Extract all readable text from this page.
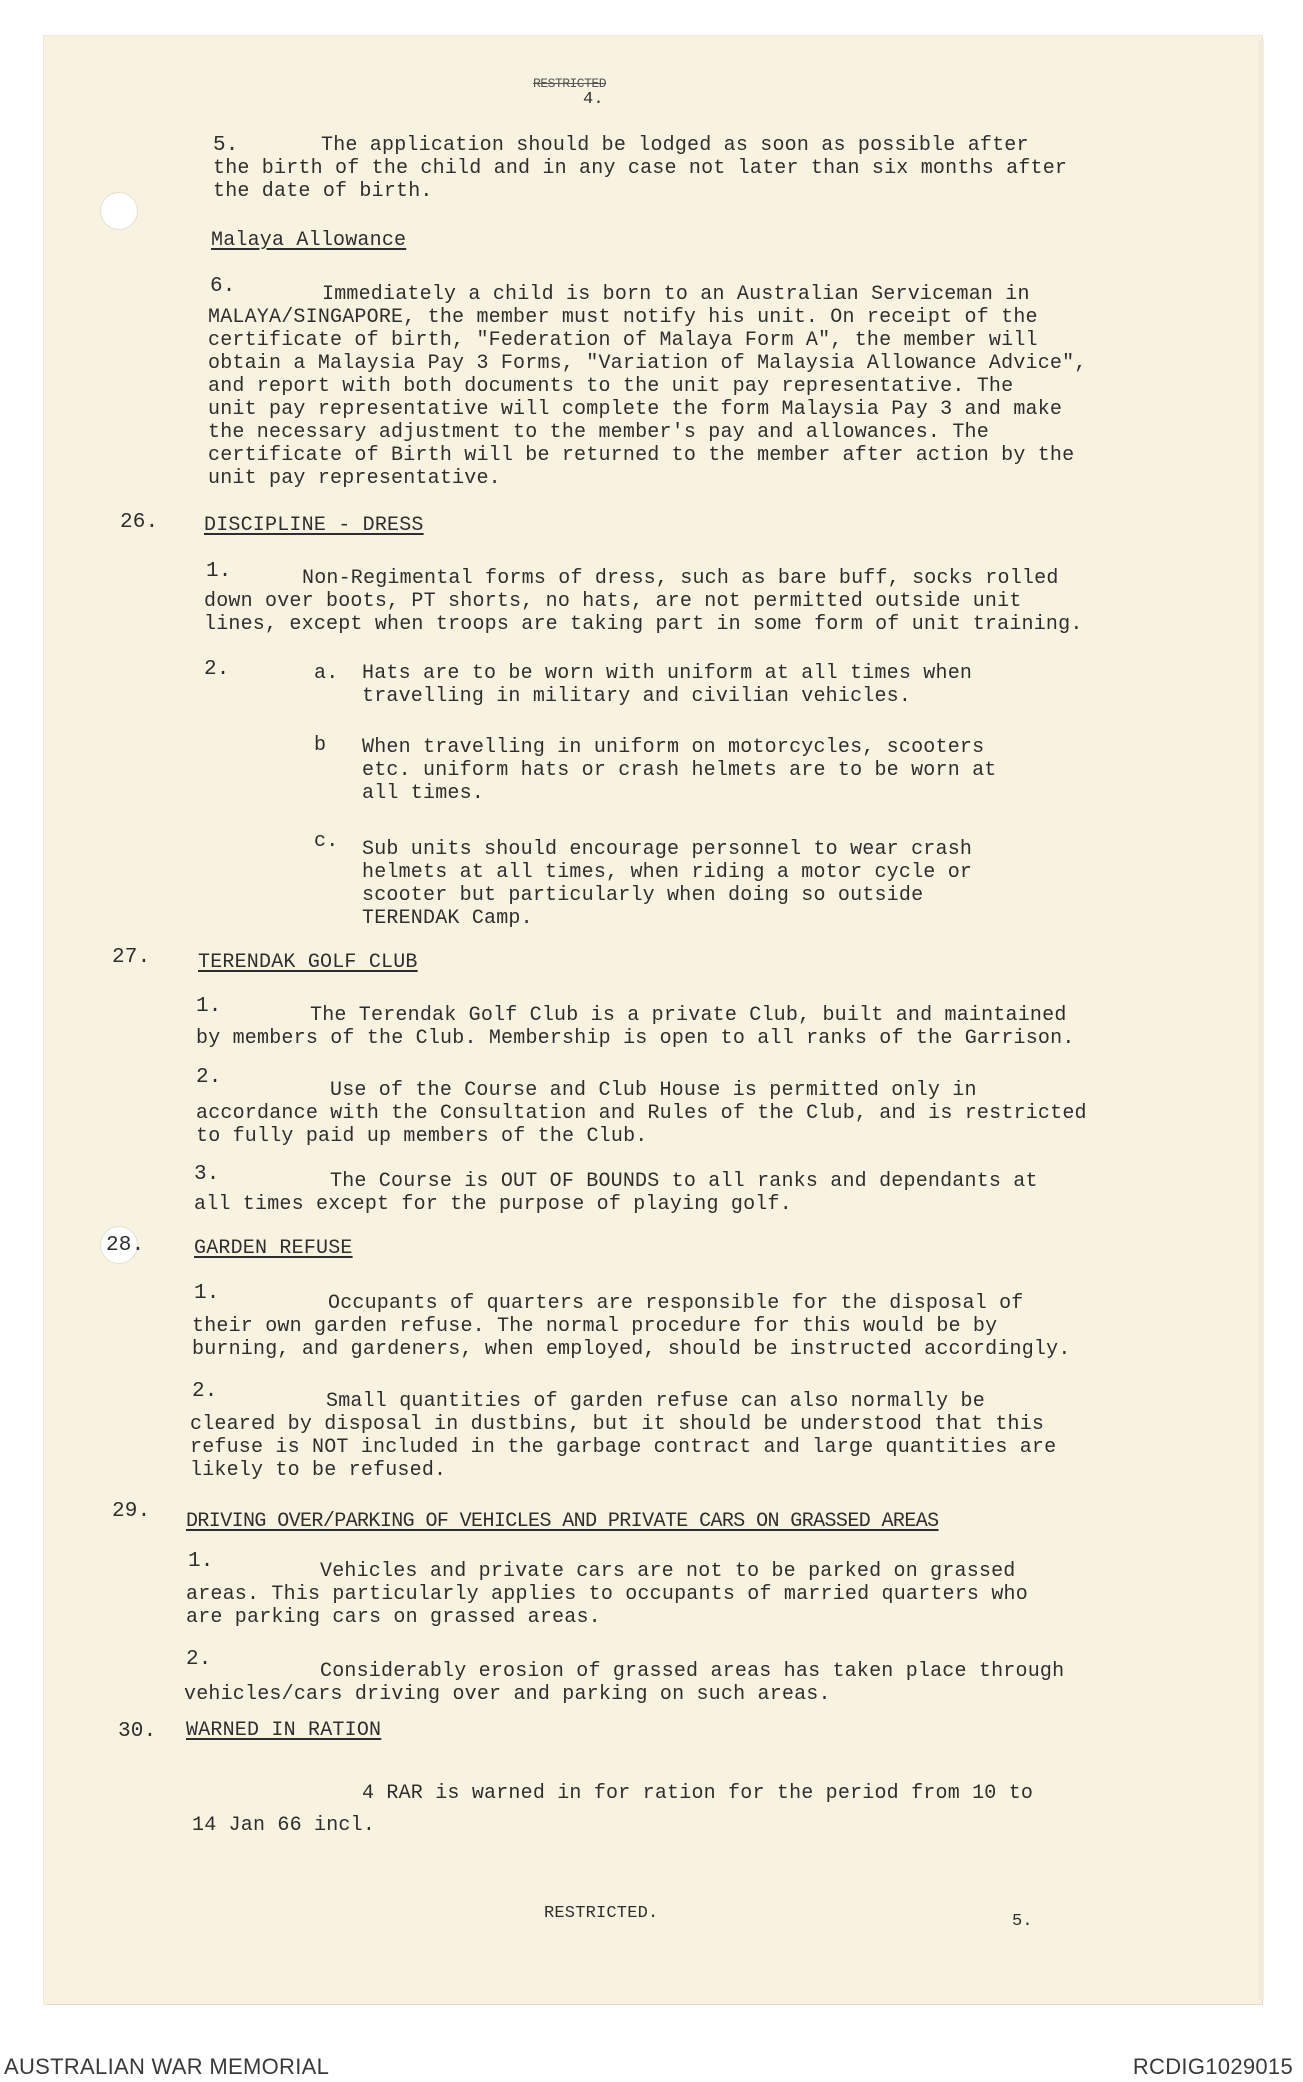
RESTRICTED
4.
5.	The application should be lodged as soon as possible after
the birth of the child and in any case not later than six months after
the date of birth.
Malaya Allowance
6.	Immediately a child is born to an Australian Serviceman in
MALAYA/SINGAPORE, the member must notify his unit. On receipt of the
certificate of birth, "Federation of Malaya Form A", the member will
obtain a Malaysia Pay 3 Forms, "Variation of Malaysia Allowance Advice",
and report with both documents to the unit pay representative. The
unit pay representative will complete the form Malaysia Pay 3 and make
the necessary adjustment to the member's pay and allowances. The
certificate of Birth will be returned to the member after action by the
unit pay representative.
26. DISCIPLINE - DRESS
1.	Non-Regimental forms of dress, such as bare buff, socks rolled
down over boots, PT shorts, no hats, are not permitted outside unit
lines, except when troops are taking part in some form of unit training.
2.	a. Hats are to be worn with uniform at all times when
travelling in military and civilian vehicles.
b When travelling in uniform on motorcycles, scooters
etc. uniform hats or crash helmets are to be worn at
all times.
c. Sub units should encourage personnel to wear crash
helmets at all times, when riding a motor cycle or
scooter but particularly when doing so outside
TERENDAK Camp.
27. TERENDAK GOLF CLUB
1.	The Terendak Golf Club is a private Club, built and maintained
by members of the Club. Membership is open to all ranks of the Garrison.
2.
Use of the Course and Club House is permitted only in
accordance with the Consultation and Rules of the Club, and is restricted
to fully paid up members of the Club.
3.	The Course is OUT OF BOUNDS to all ranks and dependants at
all times except for the purpose of playing golf.
28. GARDEN REFUSE
1.	Occupants of quarters are responsible for the disposal of
their own garden refuse. The normal procedure for this would be by
burning, and gardeners, when employed, should be instructed accordingly.
2.	Small quantities of garden refuse can also normally be
cleared by disposal in dustbins, but it should be understood that this
refuse is NOT included in the garbage contract and large quantities are
likely to be refused.
29. DRIVING OVER/PARKING OF VEHICLES AND PRIVATE CARS ON GRASSED AREAS
1.	Vehicles and private cars are not to be parked on grassed
areas. This particularly applies to occupants of married quarters who
are parking cars on grassed areas.
2.
Considerably erosion of grassed areas has taken place through
vehicles/cars driving over and parking on such areas.
30. WARNED IN RATION
4 RAR is warned in for ration for the period from 10 to
14 Jan 66 incl.
RESTRICTED.	5.
AUSTRALIAN WAR MEMORIAL	RCDIG1029015
